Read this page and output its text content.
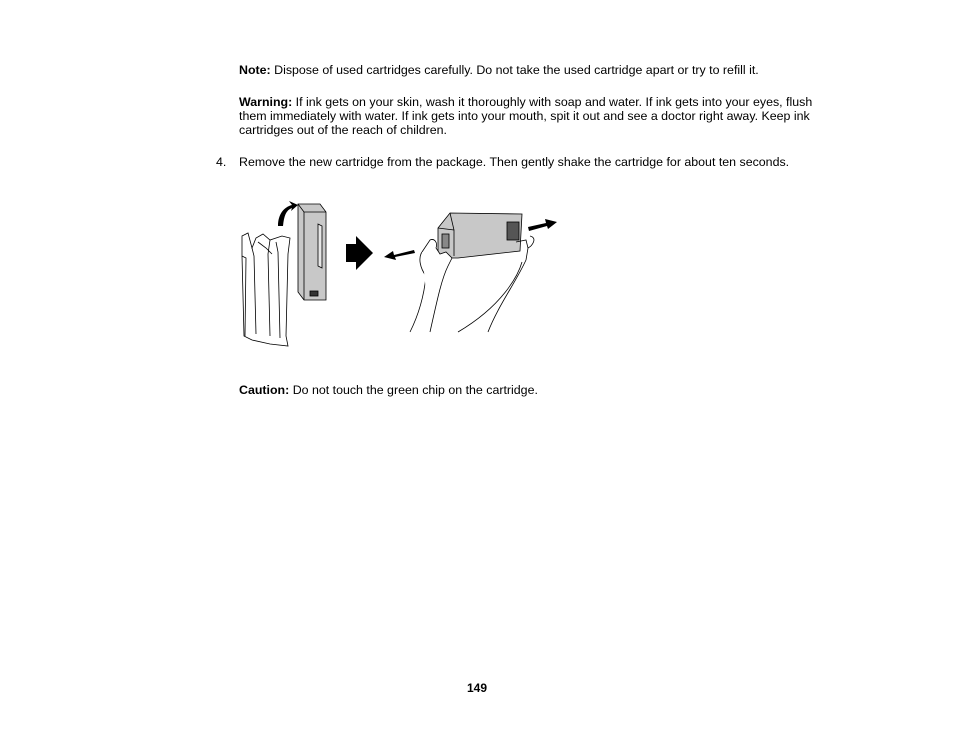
Note: Dispose of used cartridges carefully. Do not take the used cartridge apart or try to refill it.
Warning: If ink gets on your skin, wash it thoroughly with soap and water. If ink gets into your eyes, flush them immediately with water. If ink gets into your mouth, spit it out and see a doctor right away. Keep ink cartridges out of the reach of children.
4. Remove the new cartridge from the package. Then gently shake the cartridge for about ten seconds.
Caution: Do not touch the green chip on the cartridge.
149
